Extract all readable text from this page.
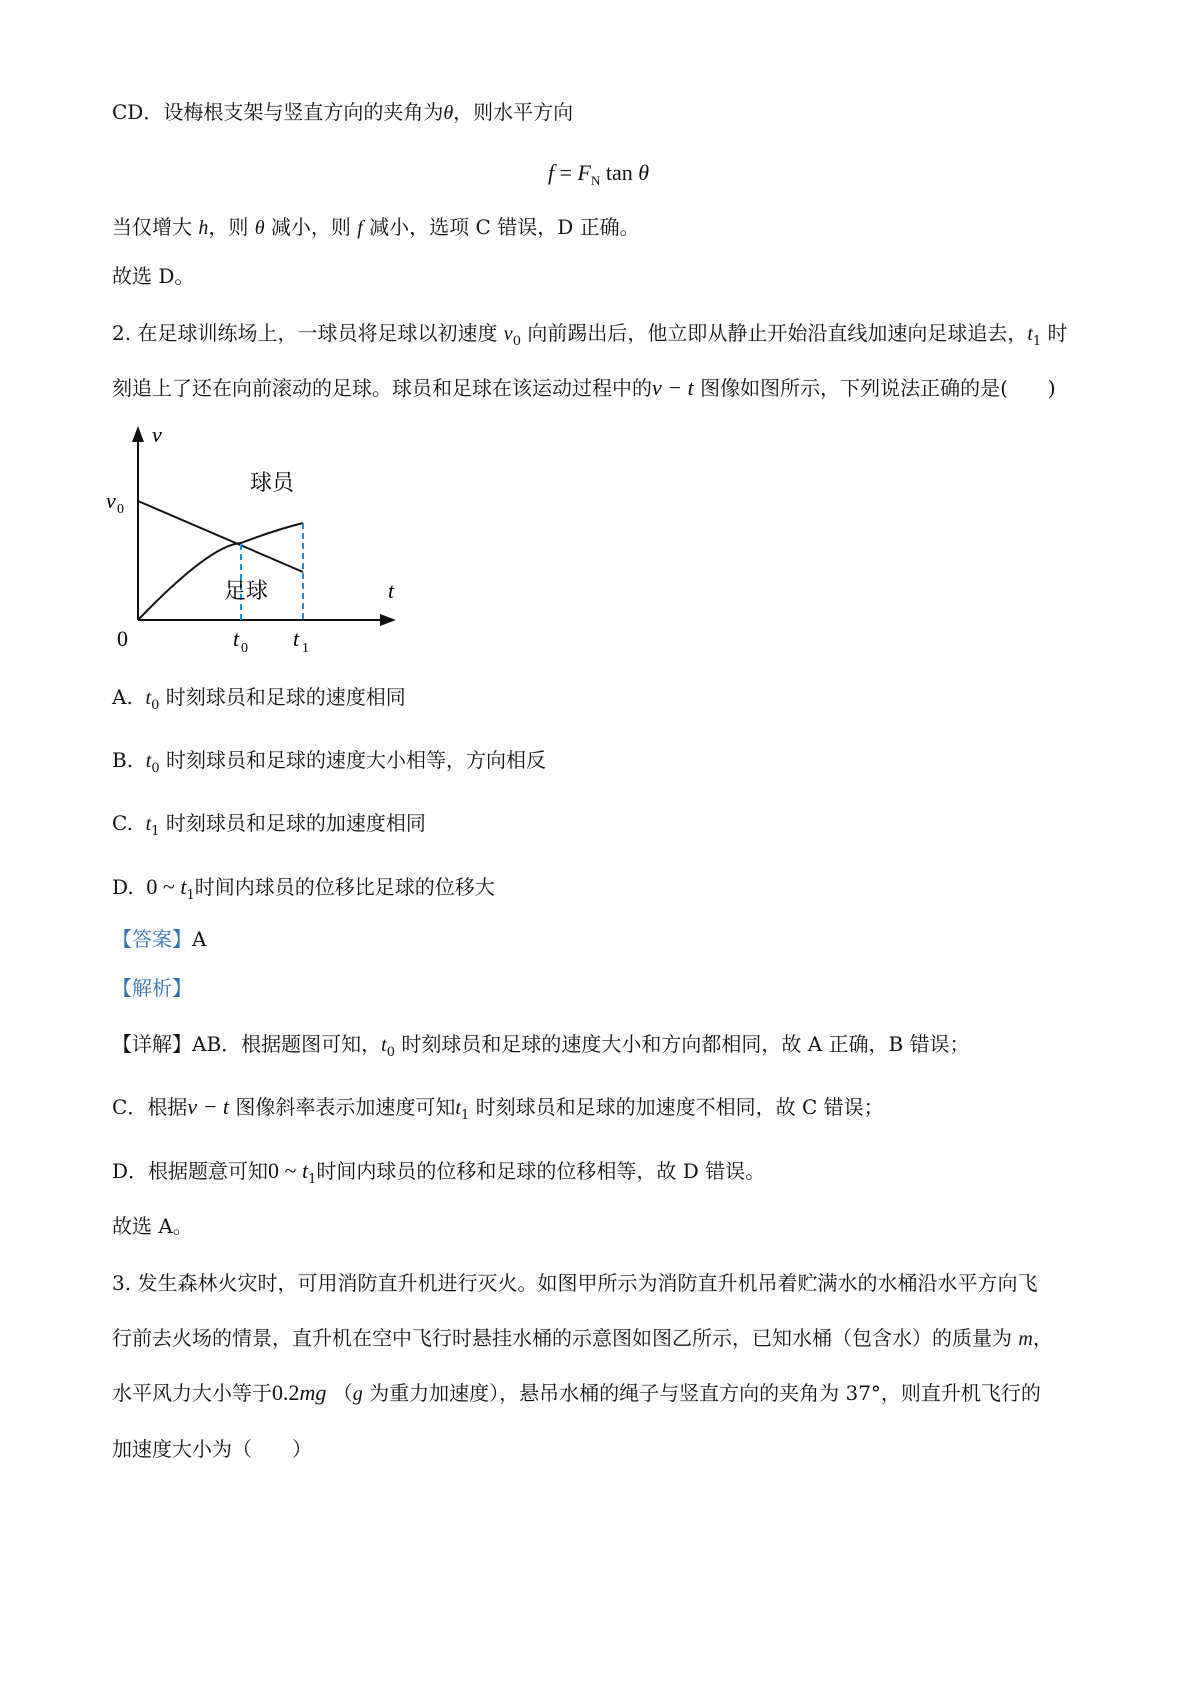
CD．设梅根支架与竖直方向的夹角为θ，则水平方向
$f = F_N$ tan θ
当仅增大 h，则 θ 减小，则 f 减小，选项 C 错误，D 正确。
故选 D。
2. 在足球训练场上，一球员将足球以初速度 $v_0$ 向前踢出后，他立即从静止开始沿直线加速向足球追去，$t_1$ 时
刻追上了还在向前滚动的足球。球员和足球在该运动过程中的v − t 图像如图所示，下列说法正确的是(　　)
v
t
0
v 0
t 0 t 1
球员
足球
A. $t_0$ 时刻球员和足球的速度相同
B. $t_0$ 时刻球员和足球的速度大小相等，方向相反
C. $t_1$ 时刻球员和足球的加速度相同
D. 0 ~ $t_1$时间内球员的位移比足球的位移大
【答案】A
【解析】
【详解】AB．根据题图可知，$t_0$ 时刻球员和足球的速度大小和方向都相同，故 A 正确，B 错误；
C．根据v − t 图像斜率表示加速度可知$t_1$ 时刻球员和足球的加速度不相同，故 C 错误；
D．根据题意可知0 ~ $t_1$时间内球员的位移和足球的位移相等，故 D 错误。
故选 A。
3. 发生森林火灾时，可用消防直升机进行灭火。如图甲所示为消防直升机吊着贮满水的水桶沿水平方向飞
行前去火场的情景，直升机在空中飞行时悬挂水桶的示意图如图乙所示，已知水桶（包含水）的质量为 m，
水平风力大小等于0.2mg （g 为重力加速度），悬吊水桶的绳子与竖直方向的夹角为 37°，则直升机飞行的
加速度大小为（　　）
